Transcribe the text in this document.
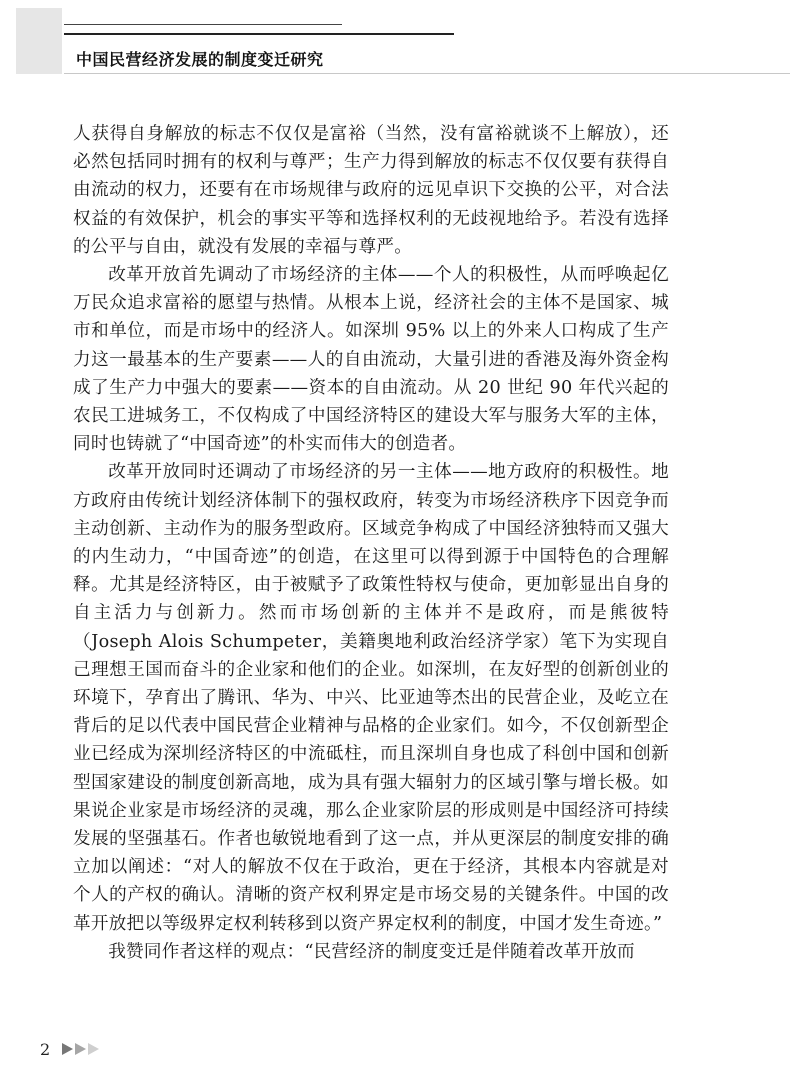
中国民营经济发展的制度变迁研究

人获得自身解放的标志不仅仅是富裕（当然，没有富裕就谈不上解放），还必然包括同时拥有的权利与尊严；生产力得到解放的标志不仅仅要有获得自由流动的权力，还要有在市场规律与政府的远见卓识下交换的公平，对合法权益的有效保护，机会的事实平等和选择权利的无歧视地给予。若没有选择的公平与自由，就没有发展的幸福与尊严。

改革开放首先调动了市场经济的主体——个人的积极性，从而呼唤起亿万民众追求富裕的愿望与热情。从根本上说，经济社会的主体不是国家、城市和单位，而是市场中的经济人。如深圳 95% 以上的外来人口构成了生产力这一最基本的生产要素——人的自由流动，大量引进的香港及海外资金构成了生产力中强大的要素——资本的自由流动。从 20 世纪 90 年代兴起的农民工进城务工，不仅构成了中国经济特区的建设大军与服务大军的主体，同时也铸就了“中国奇迹”的朴实而伟大的创造者。

改革开放同时还调动了市场经济的另一主体——地方政府的积极性。地方政府由传统计划经济体制下的强权政府，转变为市场经济秩序下因竞争而主动创新、主动作为的服务型政府。区域竞争构成了中国经济独特而又强大的内生动力，“中国奇迹”的创造，在这里可以得到源于中国特色的合理解释。尤其是经济特区，由于被赋予了政策性特权与使命，更加彰显出自身的自主活力与创新力。然而市场创新的主体并不是政府，而是熊彼特（Joseph Alois Schumpeter，美籍奥地利政治经济学家）笔下为实现自己理想王国而奋斗的企业家和他们的企业。如深圳，在友好型的创新创业的环境下，孕育出了腾讯、华为、中兴、比亚迪等杰出的民营企业，及屹立在背后的足以代表中国民营企业精神与品格的企业家们。如今，不仅创新型企业已经成为深圳经济特区的中流砥柱，而且深圳自身也成了科创中国和创新型国家建设的制度创新高地，成为具有强大辐射力的区域引擎与增长极。如果说企业家是市场经济的灵魂，那么企业家阶层的形成则是中国经济可持续发展的坚强基石。作者也敏锐地看到了这一点，并从更深层的制度安排的确立加以阐述：“对人的解放不仅在于政治，更在于经济，其根本内容就是对个人的产权的确认。清晰的资产权利界定是市场交易的关键条件。中国的改革开放把以等级界定权利转移到以资产界定权利的制度，中国才发生奇迹。”

我赞同作者这样的观点：“民营经济的制度变迁是伴随着改革开放而

2
